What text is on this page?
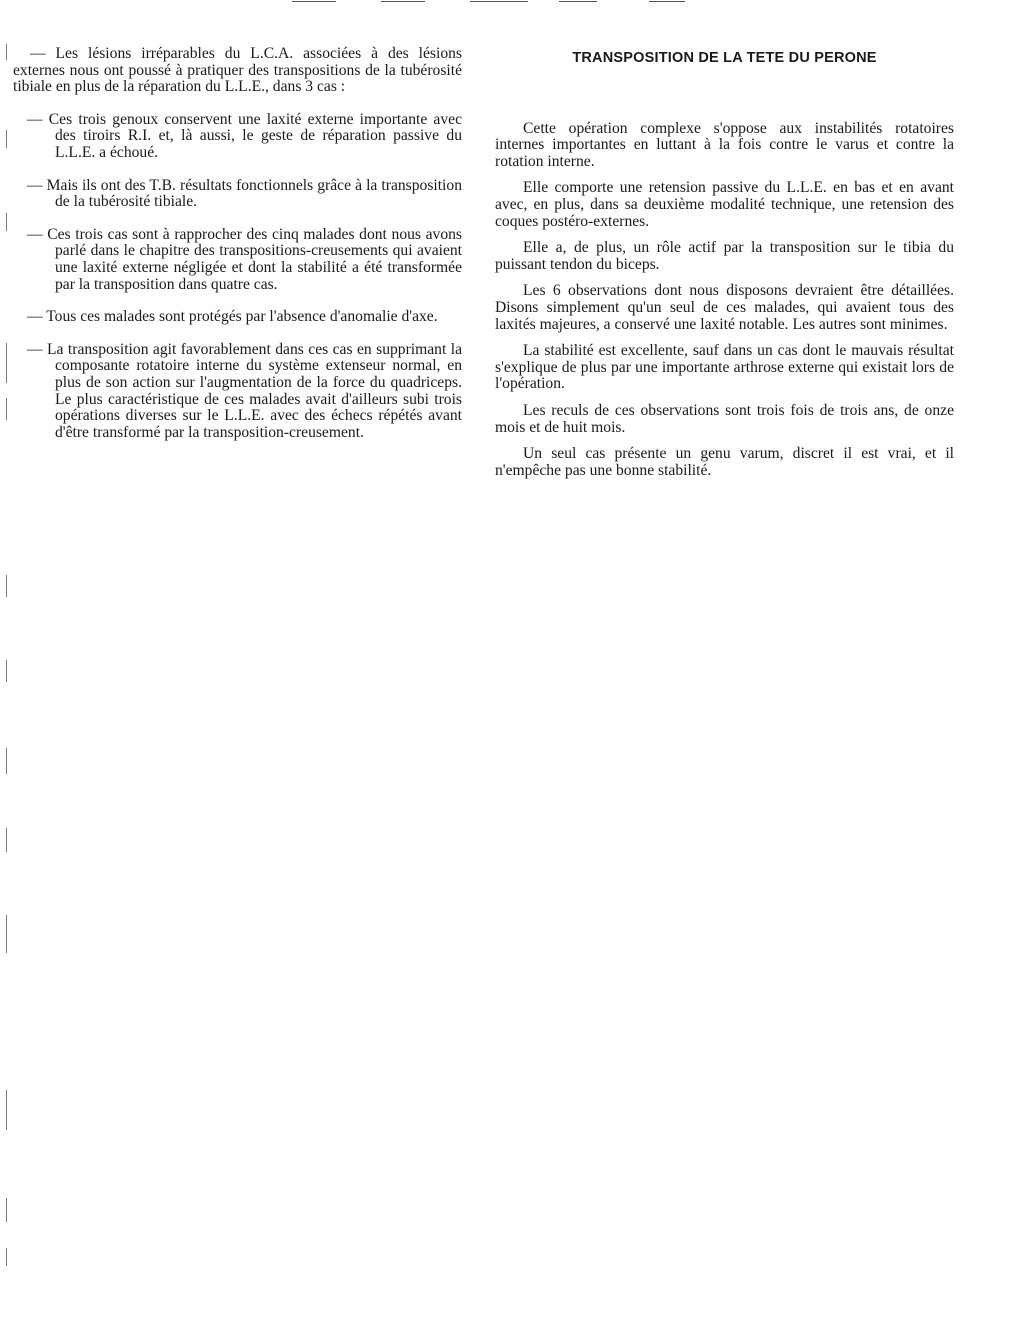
— Les lésions irréparables du L.C.A. associées à des lésions externes nous ont poussé à pratiquer des transpositions de la tubérosité tibiale en plus de la réparation du L.L.E., dans 3 cas :

— Ces trois genoux conservent une laxité externe importante avec des tiroirs R.I. et, là aussi, le geste de réparation passive du L.L.E. a échoué.

— Mais ils ont des T.B. résultats fonctionnels grâce à la transposition de la tubérosité tibiale.

— Ces trois cas sont à rapprocher des cinq malades dont nous avons parlé dans le chapitre des transpositions-creusements qui avaient une laxité externe négligée et dont la stabilité a été transformée par la transposition dans quatre cas.

— Tous ces malades sont protégés par l'absence d'anomalie d'axe.

— La transposition agit favorablement dans ces cas en supprimant la composante rotatoire interne du système extenseur normal, en plus de son action sur l'augmentation de la force du quadriceps. Le plus caractéristique de ces malades avait d'ailleurs subi trois opérations diverses sur le L.L.E. avec des échecs répétés avant d'être transformé par la transposition-creusement.

TRANSPOSITION DE LA TETE DU PERONE

Cette opération complexe s'oppose aux instabilités rotatoires internes importantes en luttant à la fois contre le varus et contre la rotation interne.

Elle comporte une retension passive du L.L.E. en bas et en avant avec, en plus, dans sa deuxième modalité technique, une retension des coques postéro-externes.

Elle a, de plus, un rôle actif par la transposition sur le tibia du puissant tendon du biceps.

Les 6 observations dont nous disposons devraient être détaillées. Disons simplement qu'un seul de ces malades, qui avaient tous des laxités majeures, a conservé une laxité notable. Les autres sont minimes.

La stabilité est excellente, sauf dans un cas dont le mauvais résultat s'explique de plus par une importante arthrose externe qui existait lors de l'opération.

Les reculs de ces observations sont trois fois de trois ans, de onze mois et de huit mois.

Un seul cas présente un genu varum, discret il est vrai, et il n'empêche pas une bonne stabilité.
